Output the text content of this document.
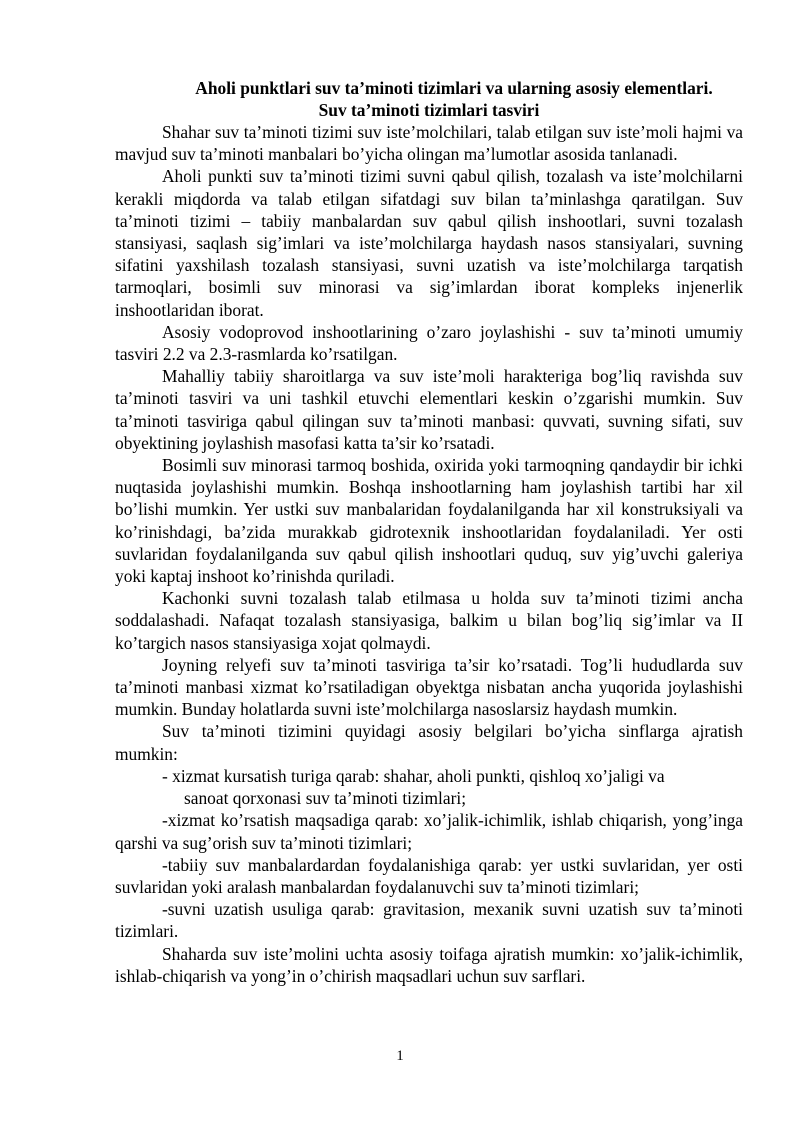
Aholi punktlari suv ta’minoti tizimlari va ularning asosiy elementlari.
Suv ta’minoti tizimlari tasviri

Shahar suv ta’minoti tizimi suv iste’molchilari, talab etilgan suv iste’moli hajmi va mavjud suv ta’minoti manbalari bo’yicha olingan ma’lumotlar asosida tanlanadi.

Aholi punkti suv ta’minoti tizimi suvni qabul qilish, tozalash va iste’molchilarni kerakli miqdorda va talab etilgan sifatdagi suv bilan ta’minlashga qaratilgan. Suv ta’minoti tizimi – tabiiy manbalardan suv qabul qilish inshootlari, suvni tozalash stansiyasi, saqlash sig’imlari va iste’molchilarga haydash nasos stansiyalari, suvning sifatini yaxshilash tozalash stansiyasi, suvni uzatish va iste’molchilarga tarqatish tarmoqlari, bosimli suv minorasi va sig’imlardan iborat kompleks injenerlik inshootlaridan iborat.

Asosiy vodoprovod inshootlarining o’zaro joylashishi - suv ta’minoti umumiy tasviri 2.2 va 2.3-rasmlarda ko’rsatilgan.

Mahalliy tabiiy sharoitlarga va suv iste’moli harakteriga bog’liq ravishda suv ta’minoti tasviri va uni tashkil etuvchi elementlari keskin o’zgarishi mumkin. Suv ta’minoti tasviriga qabul qilingan suv ta’minoti manbasi: quvvati, suvning sifati, suv obyektining joylashish masofasi katta ta’sir ko’rsatadi.

Bosimli suv minorasi tarmoq boshida, oxirida yoki tarmoqning qandaydir bir ichki nuqtasida joylashishi mumkin. Boshqa inshootlarning ham joylashish tartibi har xil bo’lishi mumkin. Yer ustki suv manbalaridan foydalanilganda har xil konstruksiyali va ko’rinishdagi, ba’zida murakkab gidrotexnik inshootlaridan foydalaniladi. Yer osti suvlaridan foydalanilganda suv qabul qilish inshootlari quduq, suv yig’uvchi galeriya yoki kaptaj inshoot ko’rinishda quriladi.

Kachonki suvni tozalash talab etilmasa u holda suv ta’minoti tizimi ancha soddalashadi. Nafaqat tozalash stansiyasiga, balkim u bilan bog’liq sig’imlar va II ko’targich nasos stansiyasiga xojat qolmaydi.

Joyning relyefi suv ta’minoti tasviriga ta’sir ko’rsatadi. Tog’li hududlarda suv ta’minoti manbasi xizmat ko’rsatiladigan obyektga nisbatan ancha yuqorida joylashishi mumkin. Bunday holatlarda suvni iste’molchilarga nasoslarsiz haydash mumkin.

Suv ta’minoti tizimini quyidagi asosiy belgilari bo’yicha sinflarga ajratish mumkin:

- xizmat kursatish turiga qarab: shahar, aholi punkti, qishloq xo’jaligi va
sanoat qorxonasi suv ta’minoti tizimlari;

-xizmat ko’rsatish maqsadiga qarab: xo’jalik-ichimlik, ishlab chiqarish, yong’inga qarshi va sug’orish suv ta’minoti tizimlari;

-tabiiy suv manbalardardan foydalanishiga qarab: yer ustki suvlaridan, yer osti suvlaridan yoki aralash manbalardan foydalanuvchi suv ta’minoti tizimlari;

-suvni uzatish usuliga qarab: gravitasion, mexanik suvni uzatish suv ta’minoti tizimlari.

Shaharda suv iste’molini uchta asosiy toifaga ajratish mumkin: xo’jalik-ichimlik, ishlab-chiqarish va yong’in o’chirish maqsadlari uchun suv sarflari.

1
